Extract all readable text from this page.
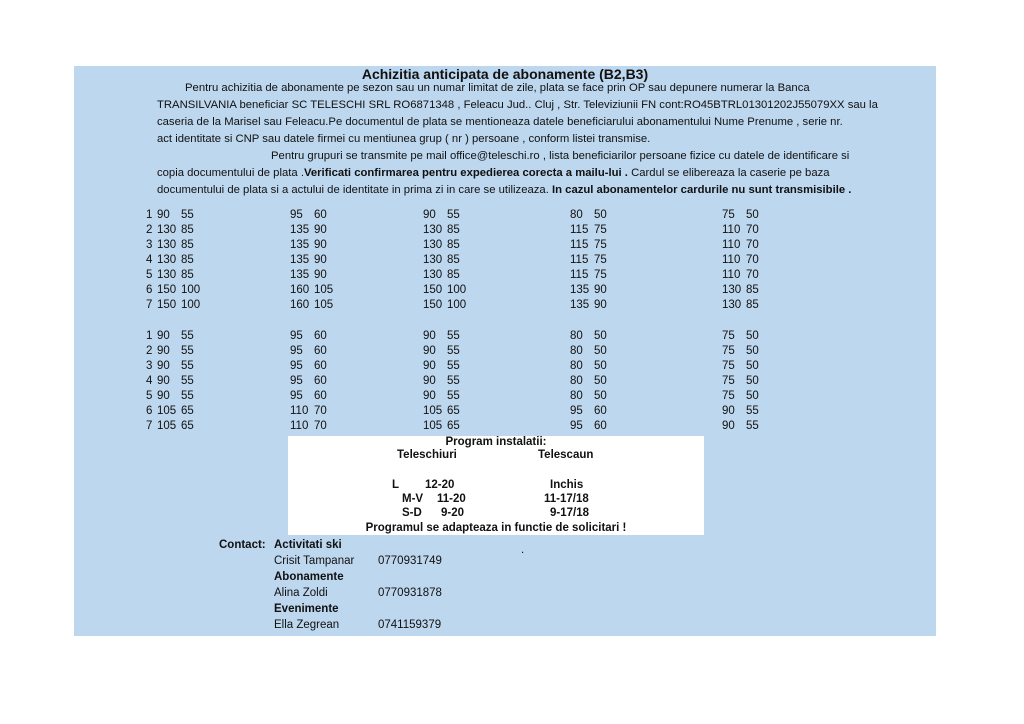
Achizitia anticipata de abonamente (B2,B3)
Pentru achizitia de abonamente pe sezon sau un numar limitat de zile, plata se face prin OP sau depunere numerar la Banca
TRANSILVANIA beneficiar SC TELESCHI SRL RO6871348 , Feleacu Jud.. Cluj , Str. Televiziunii FN cont:RO45BTRL01301202J55079XX sau la
caseria de la Marisel sau Feleacu.Pe documentul de plata se mentioneaza datele beneficiarului abonamentului Nume Prenume , serie nr.
act identitate si CNP sau datele firmei cu mentiunea grup ( nr ) persoane , conform listei transmise.
Pentru grupuri se transmite pe mail office@teleschi.ro , lista beneficiarilor persoane fizice cu datele de identificare si
copia documentului de plata .Verificati confirmarea pentru expedierea corecta a mailu-lui . Cardul se elibereaza la caserie pe baza
documentului de plata si a actului de identitate in prima zi in care se utilizeaza. In cazul abonamentelor cardurile nu sunt transmisibile .
1 90 55	95 60	90 55	80 50	75 50
2 130 85	135 90	130 85	115 75	110 70
3 130 85	135 90	130 85	115 75	110 70
4 130 85	135 90	130 85	115 75	110 70
5 130 85	135 90	130 85	115 75	110 70
6 150 100	160 105	150 100	135 90	130 85
7 150 100	160 105	150 100	135 90	130 85
1 90 55	95 60	90 55	80 50	75 50
2 90 55	95 60	90 55	80 50	75 50
3 90 55	95 60	90 55	80 50	75 50
4 90 55	95 60	90 55	80 50	75 50
5 90 55	95 60	90 55	80 50	75 50
6 105 65	110 70	105 65	95 60	90 55
7 105 65	110 70	105 65	95 60	90 55
Program instalatii:
Teleschiuri	Telescaun
L 12-20	Inchis
M-V 11-20	11-17/18
S-D 9-20	9-17/18
Programul se adapteaza in functie de solicitari !
Contact:	.
Activitati ski
Crisit Tampanar 0770931749
Abonamente
Alina Zoldi	0770931878
Evenimente
Ella Zegrean	0741159379
